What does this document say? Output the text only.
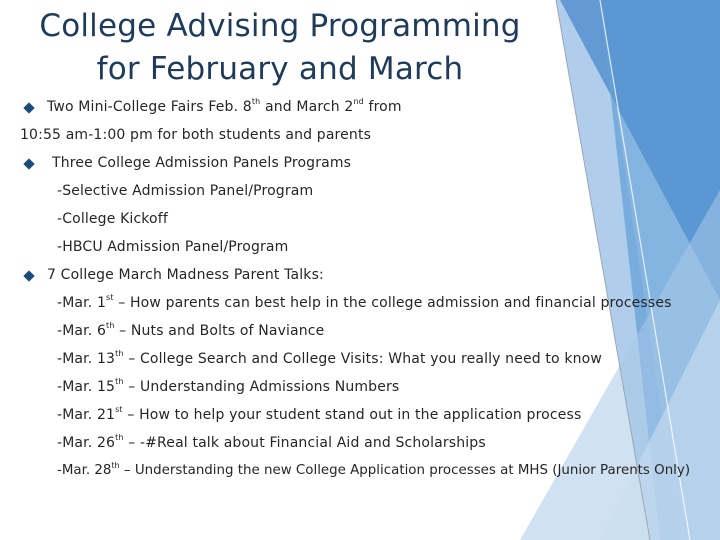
College Advising Programming
for February and March
Two Mini-College Fairs Feb. 8th and March 2nd from
10:55 am-1:00 pm for both students and parents
Three College Admission Panels Programs
-Selective Admission Panel/Program
-College Kickoff
-HBCU Admission Panel/Program
7 College March Madness Parent Talks:
-Mar. 1st – How parents can best help in the college admission and financial processes
-Mar. 6th – Nuts and Bolts of Naviance
-Mar. 13th – College Search and College Visits: What you really need to know
-Mar. 15th – Understanding Admissions Numbers
-Mar. 21st – How to help your student stand out in the application process
-Mar. 26th – -#Real talk about Financial Aid and Scholarships
-Mar. 28th – Understanding the new College Application processes at MHS (Junior Parents Only)
